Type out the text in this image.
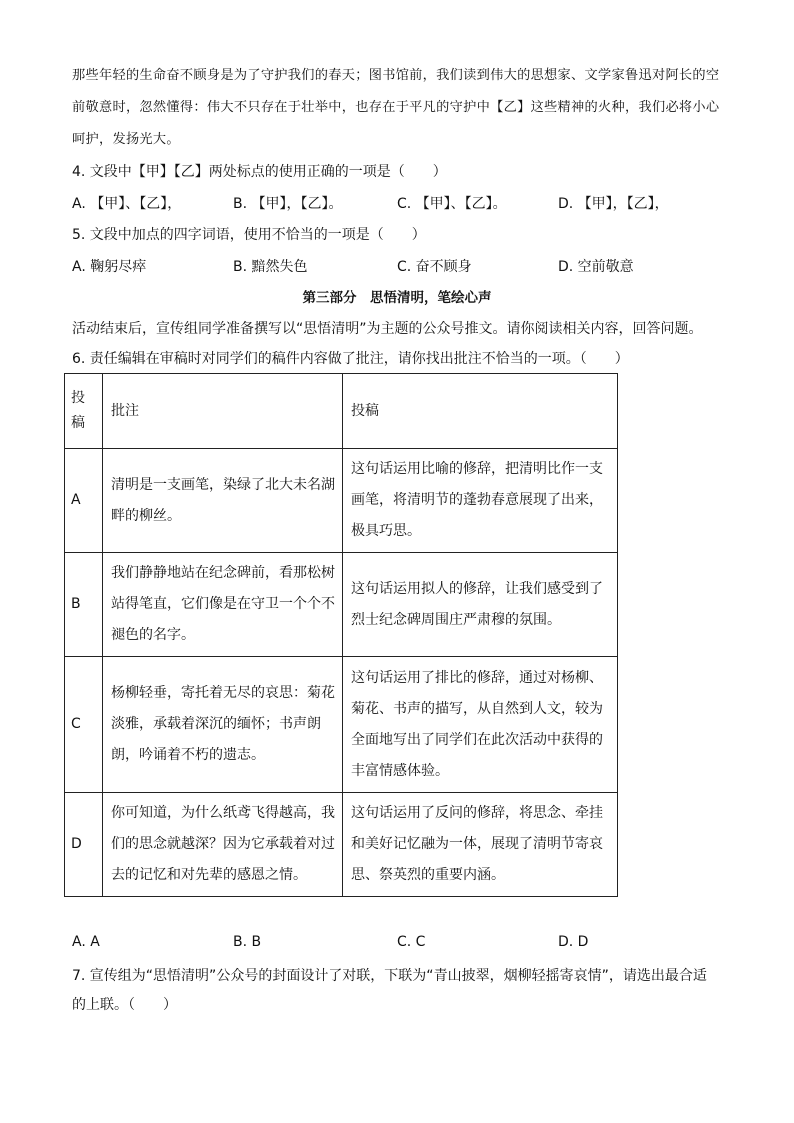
那些年轻的生命奋不顾身是为了守护我们的春天；图书馆前，我们读到伟大的思想家、文学家鲁迅对阿长的空前敬意时，忽然懂得：伟大不只存在于壮举中，也存在于平凡的守护中【乙】这些精神的火种，我们必将小心呵护，发扬光大。

4. 文段中【甲】【乙】两处标点的使用正确的一项是（　　）

A. 【甲】、【乙】，	B. 【甲】，【乙】。	C. 【甲】、【乙】。	D. 【甲】，【乙】，

5. 文段中加点的四字词语，使用不恰当的一项是（　　）

A. 鞠躬尽瘁	B. 黯然失色	C. 奋不顾身	D. 空前敬意
第三部分　思悟清明，笔绘心声

活动结束后，宣传组同学准备撰写以“思悟清明”为主题的公众号推文。请你阅读相关内容，回答问题。

6. 责任编辑在审稿时对同学们的稿件内容做了批注，请你找出批注不恰当的一项。（　　）

投稿	批注	投稿
A	清明是一支画笔，染绿了北大未名湖畔的柳丝。	这句话运用比喻的修辞，把清明比作一支画笔，将清明节的蓬勃春意展现了出来，极具巧思。
B	我们静静地站在纪念碑前，看那松树站得笔直，它们像是在守卫一个个不褪色的名字。	这句话运用拟人的修辞，让我们感受到了烈士纪念碑周围庄严肃穆的氛围。
C	杨柳轻垂，寄托着无尽的哀思：菊花淡雅，承载着深沉的缅怀；书声朗朗，吟诵着不朽的遗志。	这句话运用了排比的修辞，通过对杨柳、菊花、书声的描写，从自然到人文，较为全面地写出了同学们在此次活动中获得的丰富情感体验。
D	你可知道，为什么纸鸢飞得越高，我们的思念就越深？因为它承载着对过去的记忆和对先辈的感恩之情。	这句话运用了反问的修辞，将思念、牵挂和美好记忆融为一体，展现了清明节寄哀思、祭英烈的重要内涵。
A. A	B. B	C. C	D. D

7. 宣传组为“思悟清明”公众号的封面设计了对联，下联为“青山披翠，烟柳轻摇寄哀情”，请选出最合适

的上联。（　　）
